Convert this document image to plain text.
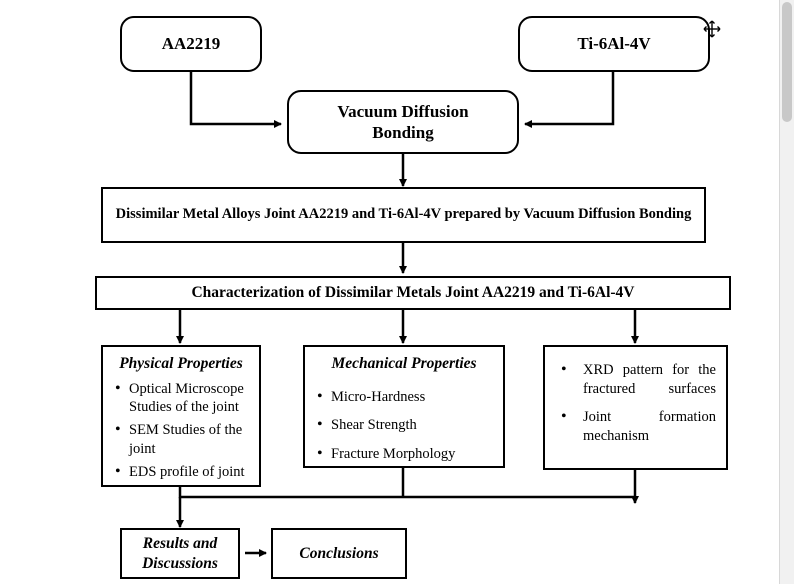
AA2219	Ti-6Al-4V
Vacuum Diffusion Bonding
Dissimilar Metal Alloys Joint AA2219 and Ti-6Al-4V prepared by Vacuum Diffusion Bonding
Characterization of Dissimilar Metals Joint AA2219 and Ti-6Al-4V
Physical Properties
• Optical Microscope Studies of the joint
• SEM Studies of the joint
• EDS profile of joint
Mechanical Properties
• Micro-Hardness
• Shear Strength
• Fracture Morphology
• XRD pattern for the fractured surfaces
• Joint formation mechanism
Results and Discussions
Conclusions
